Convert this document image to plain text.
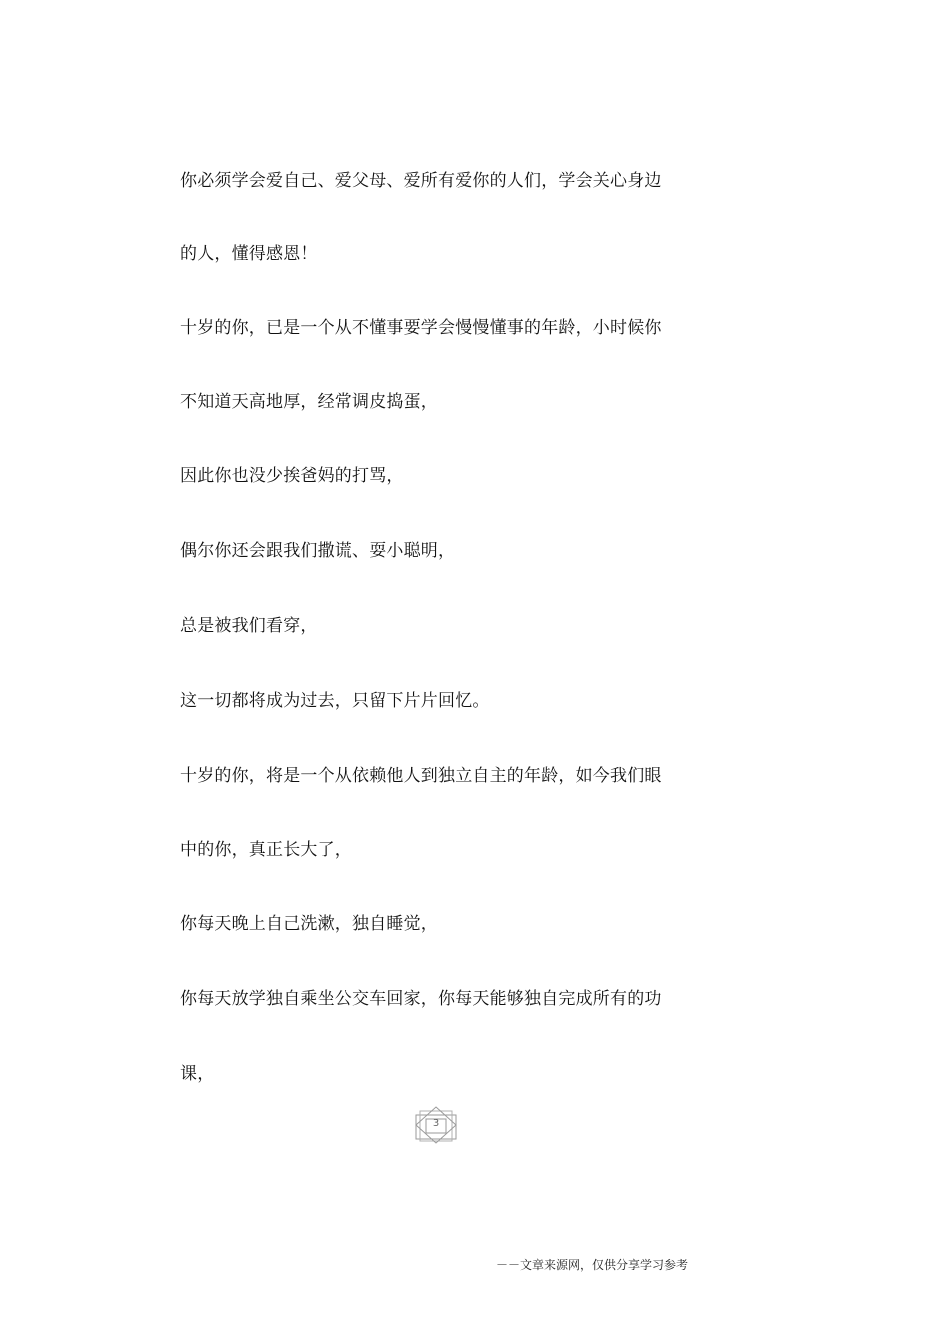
你必须学会爱自己、爱父母、爱所有爱你的人们，学会关心身边
的人，懂得感恩！
十岁的你，已是一个从不懂事要学会慢慢懂事的年龄，小时候你
不知道天高地厚，经常调皮捣蛋，
因此你也没少挨爸妈的打骂，
偶尔你还会跟我们撒谎、耍小聪明，
总是被我们看穿，
这一切都将成为过去，只留下片片回忆。
十岁的你，将是一个从依赖他人到独立自主的年龄，如今我们眼
中的你，真正长大了，
你每天晚上自己洗漱，独自睡觉，
你每天放学独自乘坐公交车回家，你每天能够独自完成所有的功
课，
3
－－文章来源网，仅供分享学习参考
